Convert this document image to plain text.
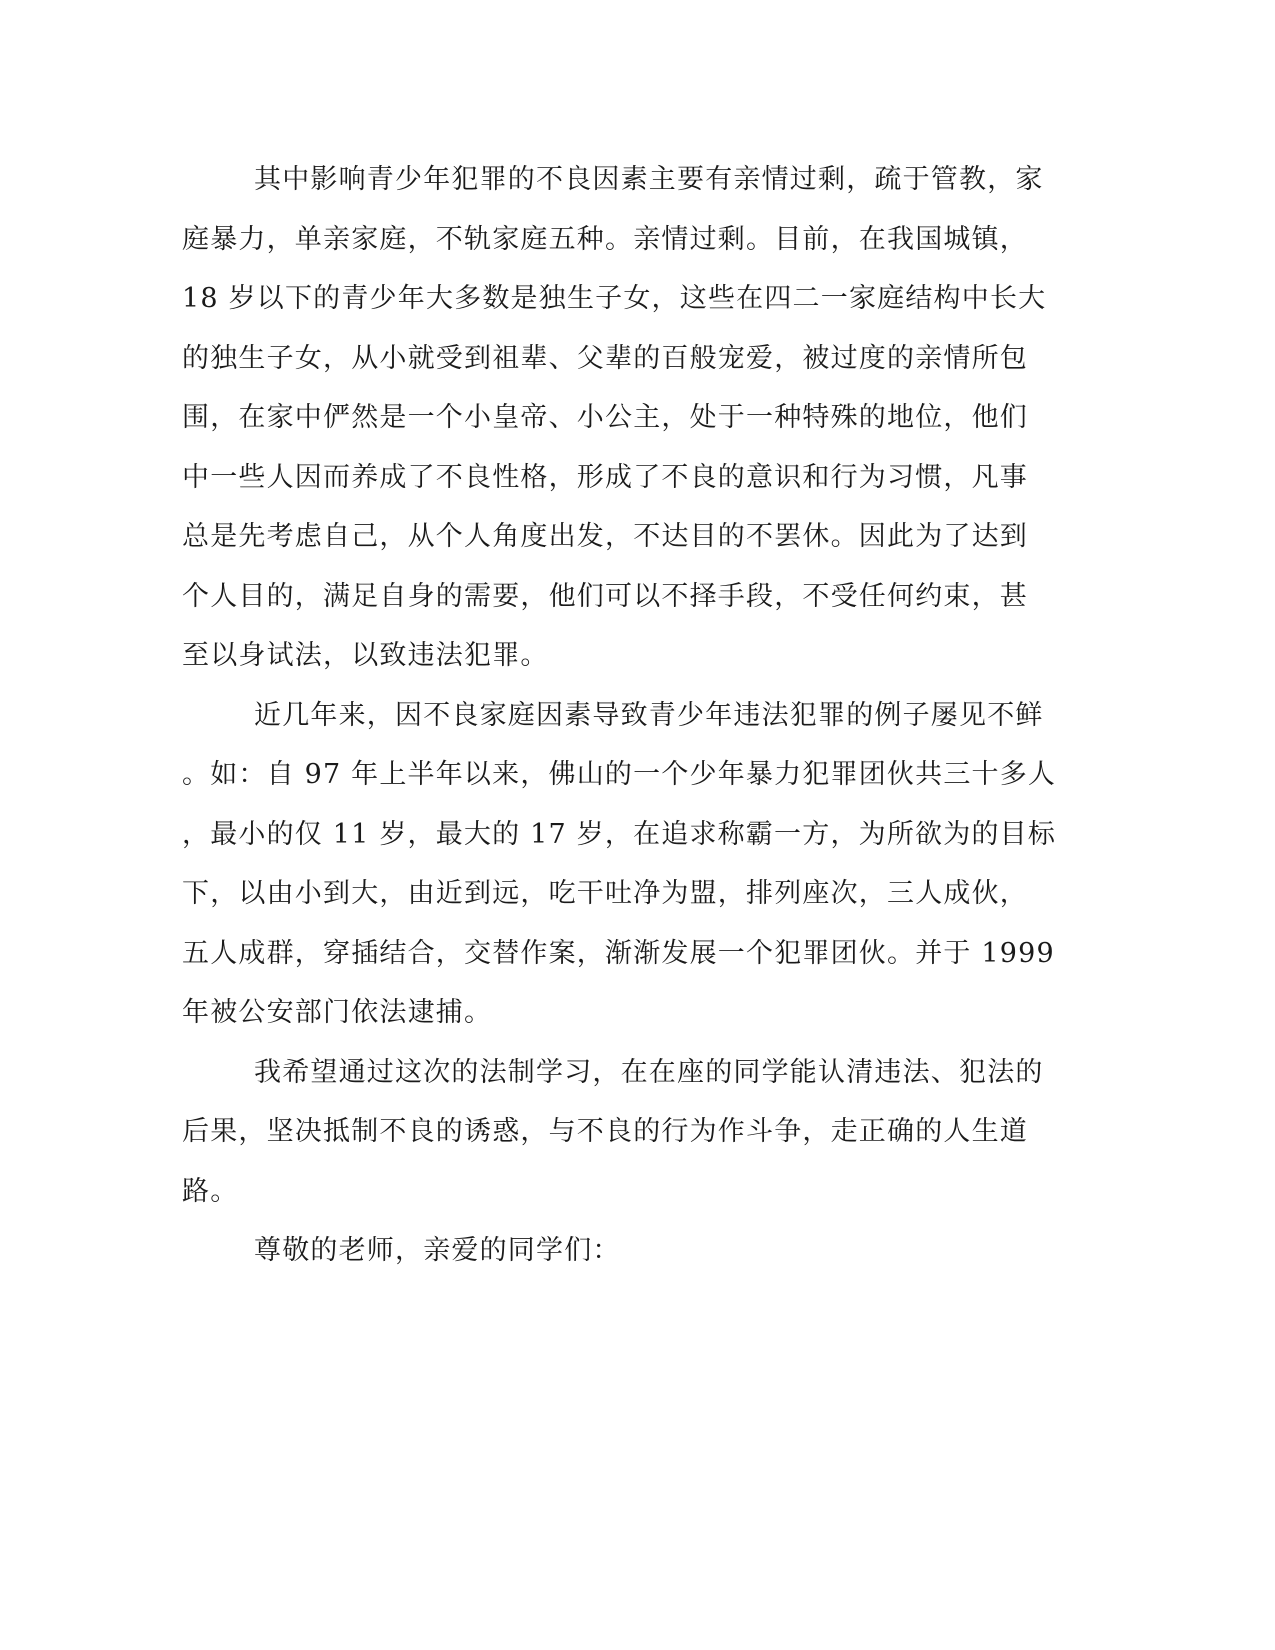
其中影响青少年犯罪的不良因素主要有亲情过剩，疏于管教，家
庭暴力，单亲家庭，不轨家庭五种。亲情过剩。目前，在我国城镇，
18 岁以下的青少年大多数是独生子女，这些在四二一家庭结构中长大
的独生子女，从小就受到祖辈、父辈的百般宠爱，被过度的亲情所包
围，在家中俨然是一个小皇帝、小公主，处于一种特殊的地位，他们
中一些人因而养成了不良性格，形成了不良的意识和行为习惯，凡事
总是先考虑自己，从个人角度出发，不达目的不罢休。因此为了达到
个人目的，满足自身的需要，他们可以不择手段，不受任何约束，甚
至以身试法，以致违法犯罪。
近几年来，因不良家庭因素导致青少年违法犯罪的例子屡见不鲜
。如：自 97 年上半年以来，佛山的一个少年暴力犯罪团伙共三十多人
，最小的仅 11 岁，最大的 17 岁，在追求称霸一方，为所欲为的目标
下，以由小到大，由近到远，吃干吐净为盟，排列座次，三人成伙，
五人成群，穿插结合，交替作案，渐渐发展一个犯罪团伙。并于 1999
年被公安部门依法逮捕。
我希望通过这次的法制学习，在在座的同学能认清违法、犯法的
后果，坚决抵制不良的诱惑，与不良的行为作斗争，走正确的人生道
路。
尊敬的老师，亲爱的同学们：
